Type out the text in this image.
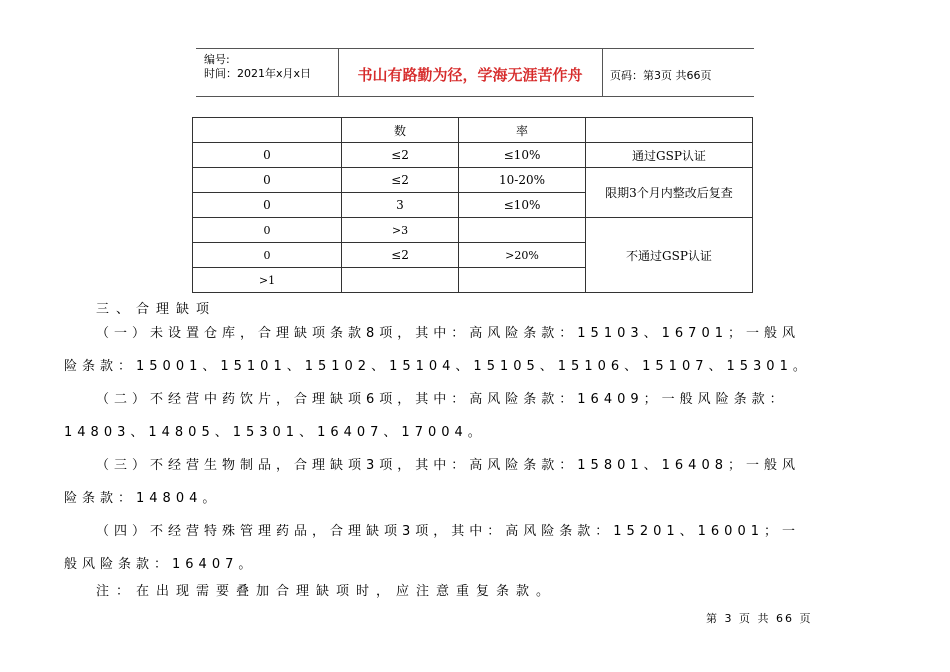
编号:
时间：2021年x月x日	书山有路勤为径，学海无涯苦作舟	页码：第3页 共66页
	数	率	
0	≤2	≤10%	通过GSP认证
0	≤2	10-20%	限期3个月内整改后复查
0	3	≤10%	
0	>3		不通过GSP认证
0	≤2	>20%	
>1			
三、合理缺项
（一）未设置仓库，合理缺项条款8项，其中：高风险条款：15103、16701；一般风
险条款：15001、15101、15102、15104、15105、15106、15107、15301。
（二）不经营中药饮片，合理缺项6项，其中：高风险条款：16409；一般风险条款：
14803、14805、15301、16407、17004。
（三）不经营生物制品，合理缺项3项，其中：高风险条款：15801、16408；一般风
险条款：14804。
（四）不经营特殊管理药品，合理缺项3项，其中：高风险条款：15201、16001；一
般风险条款：16407。
注：在出现需要叠加合理缺项时，应注意重复条款。
第 3 页 共 66 页
